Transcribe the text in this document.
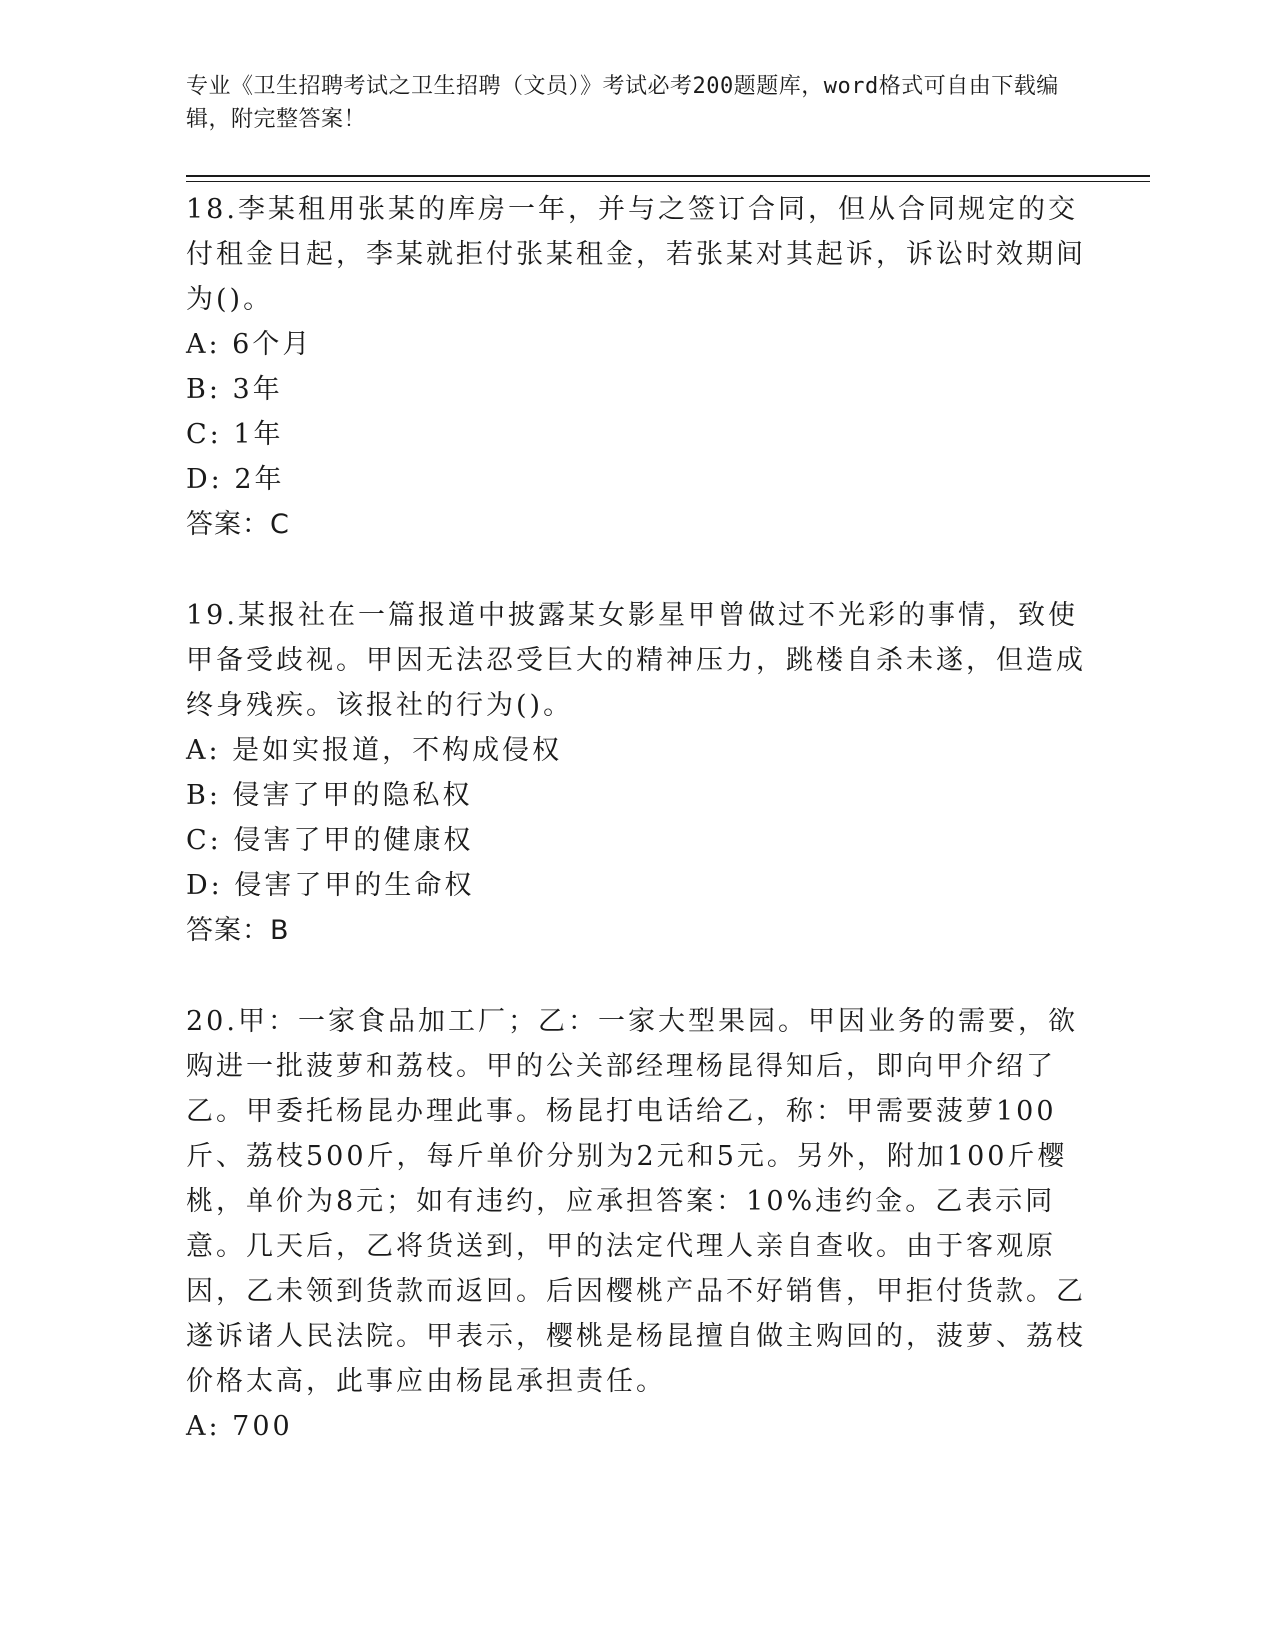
专业《卫生招聘考试之卫生招聘（文员）》考试必考200题题库，word格式可自由下载编辑，附完整答案！

18.李某租用张某的库房一年，并与之签订合同，但从合同规定的交付租金日起，李某就拒付张某租金，若张某对其起诉，诉讼时效期间为()。

A: 6个月

B: 3年

C: 1年

D: 2年

答案：C

19.某报社在一篇报道中披露某女影星甲曾做过不光彩的事情，致使甲备受歧视。甲因无法忍受巨大的精神压力，跳楼自杀未遂，但造成终身残疾。该报社的行为()。

A: 是如实报道，不构成侵权

B: 侵害了甲的隐私权

C: 侵害了甲的健康权

D: 侵害了甲的生命权

答案：B

20.甲：一家食品加工厂；乙：一家大型果园。甲因业务的需要，欲购进一批菠萝和荔枝。甲的公关部经理杨昆得知后，即向甲介绍了乙。甲委托杨昆办理此事。杨昆打电话给乙，称：甲需要菠萝100斤、荔枝500斤，每斤单价分别为2元和5元。另外，附加100斤樱桃，单价为8元；如有违约，应承担答案：10%违约金。乙表示同意。几天后，乙将货送到，甲的法定代理人亲自查收。由于客观原因，乙未领到货款而返回。后因樱桃产品不好销售，甲拒付货款。乙遂诉诸人民法院。甲表示，樱桃是杨昆擅自做主购回的，菠萝、荔枝价格太高，此事应由杨昆承担责任。

A: 700
